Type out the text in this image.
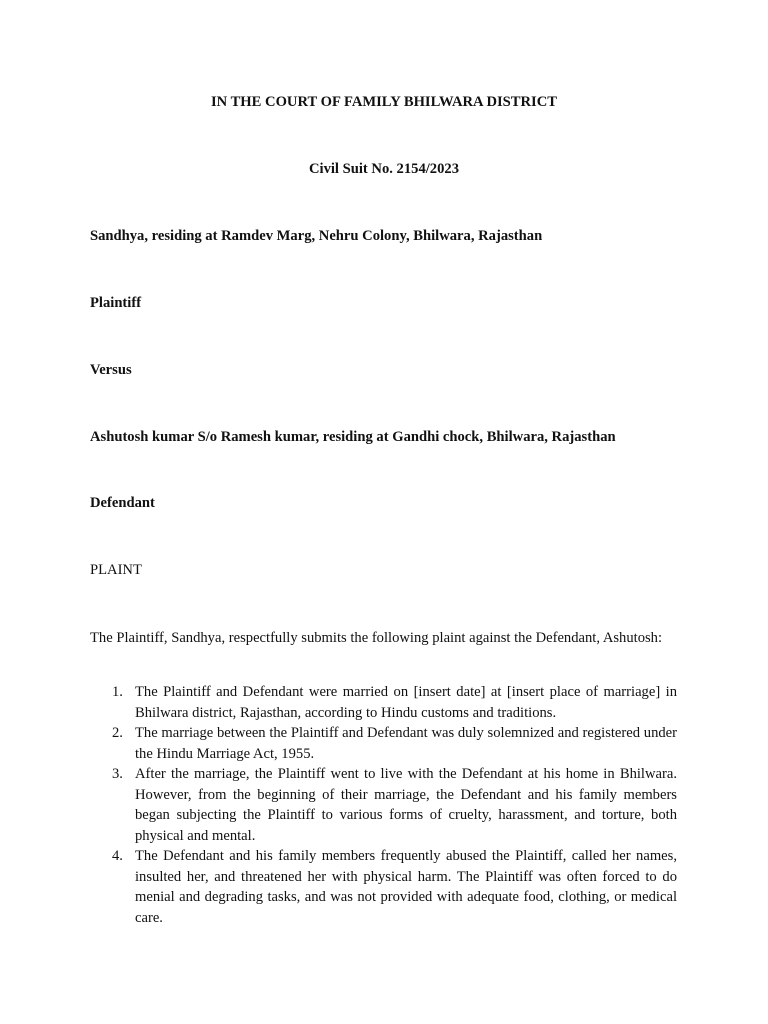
IN THE COURT OF FAMILY BHILWARA DISTRICT
Civil Suit No. 2154/2023
Sandhya, residing at Ramdev Marg, Nehru Colony, Bhilwara, Rajasthan
Plaintiff
Versus
Ashutosh kumar S/o Ramesh kumar, residing at Gandhi chock, Bhilwara, Rajasthan
Defendant
PLAINT
The Plaintiff, Sandhya, respectfully submits the following plaint against the Defendant, Ashutosh:
1. The Plaintiff and Defendant were married on [insert date] at [insert place of marriage] in Bhilwara district, Rajasthan, according to Hindu customs and traditions.
2. The marriage between the Plaintiff and Defendant was duly solemnized and registered under the Hindu Marriage Act, 1955.
3. After the marriage, the Plaintiff went to live with the Defendant at his home in Bhilwara. However, from the beginning of their marriage, the Defendant and his family members began subjecting the Plaintiff to various forms of cruelty, harassment, and torture, both physical and mental.
4. The Defendant and his family members frequently abused the Plaintiff, called her names, insulted her, and threatened her with physical harm. The Plaintiff was often forced to do menial and degrading tasks, and was not provided with adequate food, clothing, or medical care.
